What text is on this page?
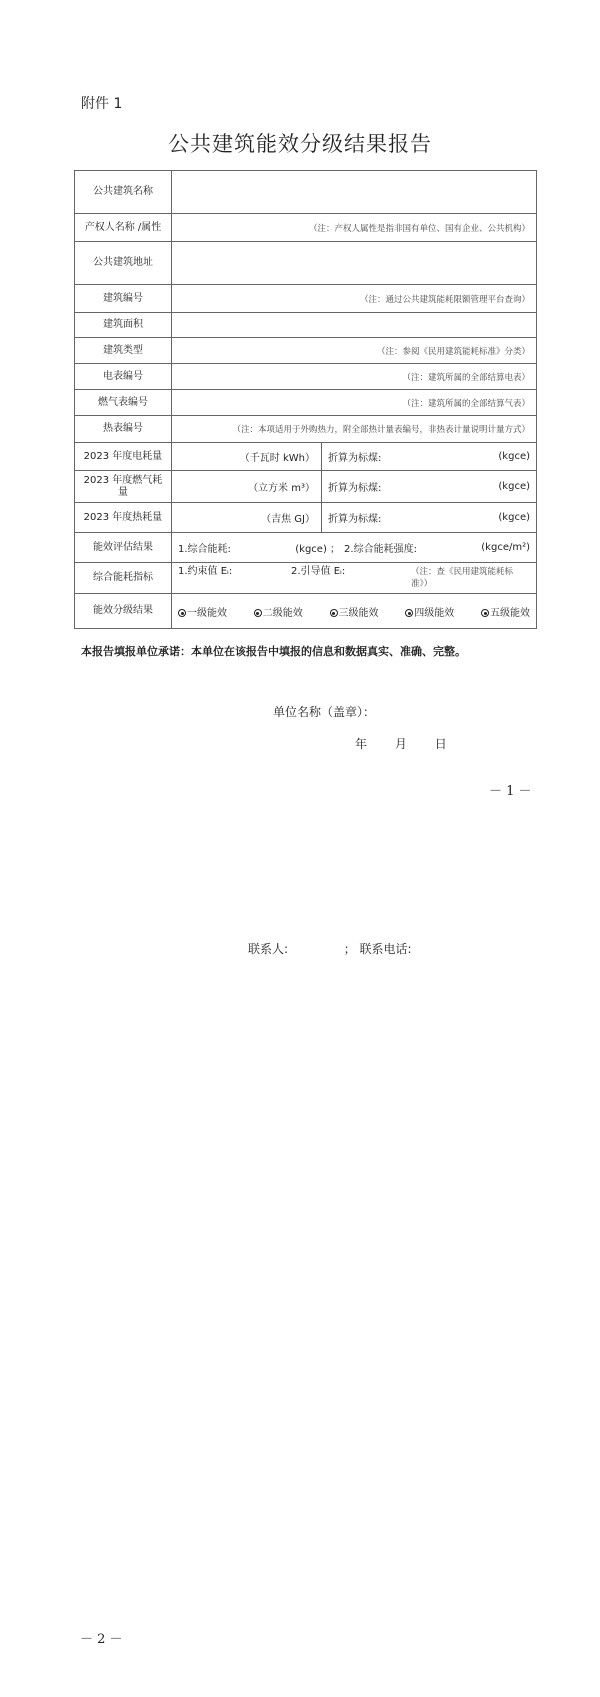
附件 1
公共建筑能效分级结果报告
公共建筑名称		
产权人名称 /属性	（注：产权人属性是指非国有单位、国有企业、公共机构）	
公共建筑地址		
建筑编号	（注：通过公共建筑能耗限额管理平台查询）	
建筑面积		
建筑类型	（注：参阅《民用建筑能耗标准》分类）	
电表编号	（注：建筑所属的全部结算电表）	
燃气表编号	（注：建筑所属的全部结算气表）	
热表编号	（注：本项适用于外购热力，附全部热计量表编号，非热表计量说明计量方式）	
2023 年度电耗量	（千瓦时 kWh）	折算为标煤: (kgce)

2023 年度燃气耗量	（立方米 m³）	折算为标煤: (kgce)

2023 年度热耗量	（吉焦 GJ）	折算为标煤: (kgce)

能效评估结果	1.综合能耗: (kgce) ； 2.综合能耗强度: (kgce/m²)	

综合能耗指标	1.约束值 Eᵢ: 2.引导值 Eᵢ: （注：查《民用建筑能耗标准》）	

能效分级结果	一级能效 二级能效 三级能效 四级能效 五级能效	
本报告填报单位承诺：本单位在该报告中填报的信息和数据真实、准确、完整。
单位名称（盖章）：
年 月 日
－ 1 －
联系人:	； 联系电话:
－ 2 －
